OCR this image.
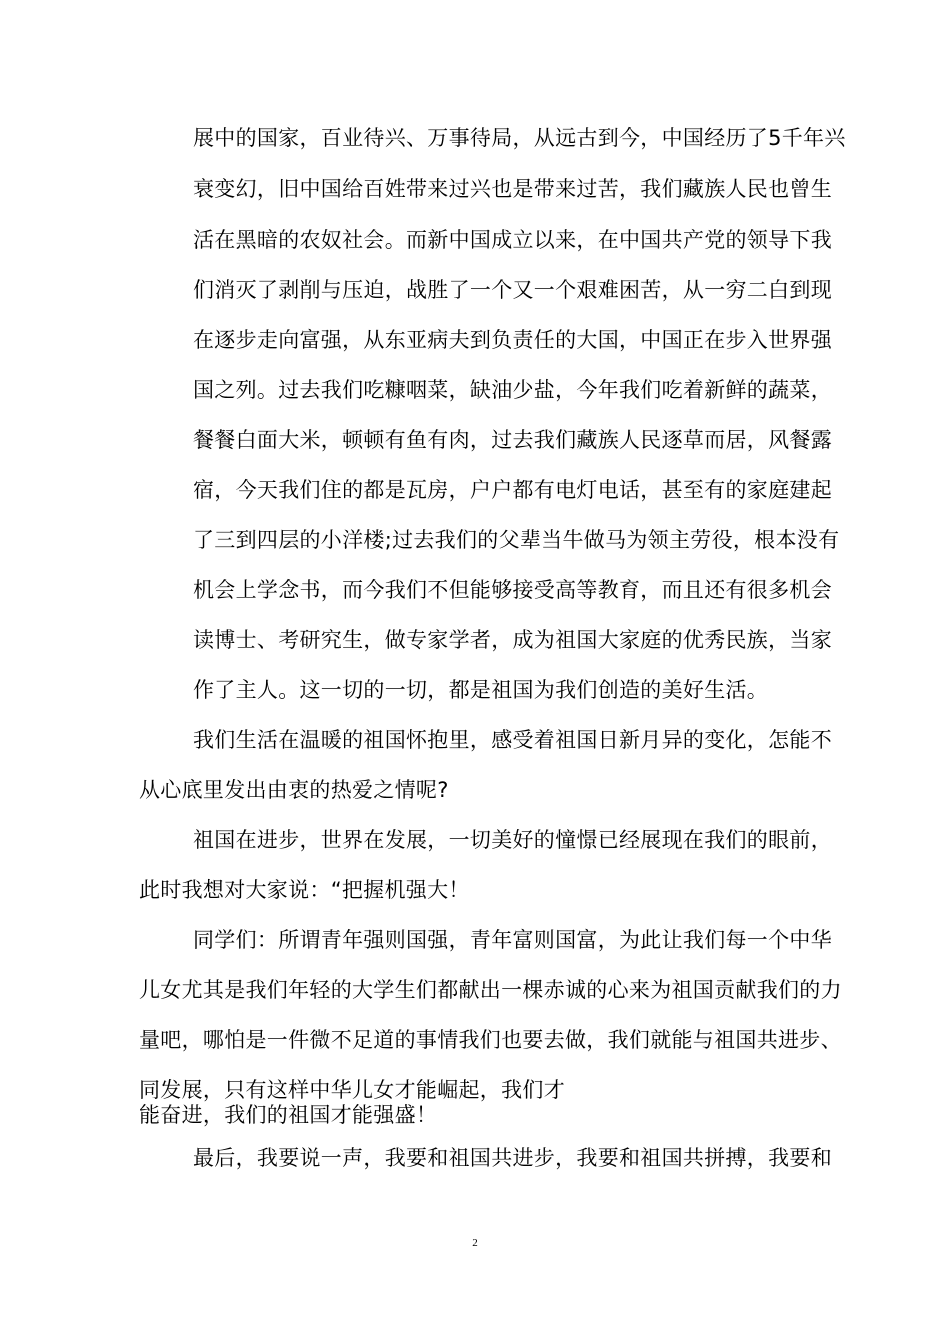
展中的国家，百业待兴、万事待局，从远古到今，中国经历了5千年兴
衰变幻，旧中国给百姓带来过兴也是带来过苦，我们藏族人民也曾生
活在黑暗的农奴社会。而新中国成立以来，在中国共产党的领导下我
们消灭了剥削与压迫，战胜了一个又一个艰难困苦，从一穷二白到现
在逐步走向富强，从东亚病夫到负责任的大国，中国正在步入世界强
国之列。过去我们吃糠咽菜，缺油少盐，今年我们吃着新鲜的蔬菜，
餐餐白面大米，顿顿有鱼有肉，过去我们藏族人民逐草而居，风餐露
宿，今天我们住的都是瓦房，户户都有电灯电话，甚至有的家庭建起
了三到四层的小洋楼;过去我们的父辈当牛做马为领主劳役，根本没有
机会上学念书，而今我们不但能够接受高等教育，而且还有很多机会
读博士、考研究生，做专家学者，成为祖国大家庭的优秀民族，当家
作了主人。这一切的一切，都是祖国为我们创造的美好生活。
我们生活在温暖的祖国怀抱里，感受着祖国日新月异的变化，怎能不
从心底里发出由衷的热爱之情呢?
祖国在进步，世界在发展，一切美好的憧憬已经展现在我们的眼前，
此时我想对大家说：“把握机强大！
同学们：所谓青年强则国强，青年富则国富，为此让我们每一个中华
儿女尤其是我们年轻的大学生们都献出一棵赤诚的心来为祖国贡献我们的力
量吧，哪怕是一件微不足道的事情我们也要去做，我们就能与祖国共进步、
同发展，只有这样中华儿女才能崛起，我们才
能奋进，我们的祖国才能强盛！
最后，我要说一声，我要和祖国共进步，我要和祖国共拼搏，我要和
2
